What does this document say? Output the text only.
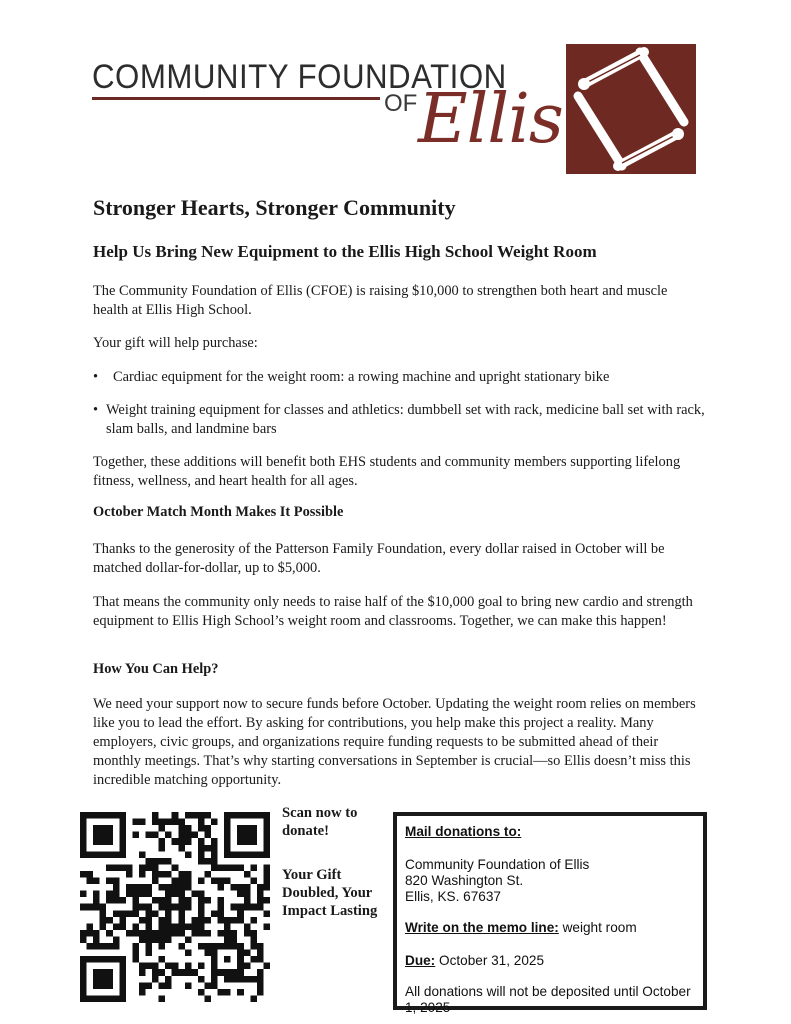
COMMUNITY FOUNDATION
OF Ellis
Stronger Hearts, Stronger Community
Help Us Bring New Equipment to the Ellis High School Weight Room

The Community Foundation of Ellis (CFOE) is raising $10,000 to strengthen both heart and muscle health at Ellis High School.

Your gift will help purchase:

• Cardiac equipment for the weight room: a rowing machine and upright stationary bike
• Weight training equipment for classes and athletics: dumbbell set with rack, medicine ball set with rack, slam balls, and landmine bars

Together, these additions will benefit both EHS students and community members supporting lifelong fitness, wellness, and heart health for all ages.

October Match Month Makes It Possible

Thanks to the generosity of the Patterson Family Foundation, every dollar raised in October will be matched dollar-for-dollar, up to $5,000.

That means the community only needs to raise half of the $10,000 goal to bring new cardio and strength equipment to Ellis High School’s weight room and classrooms. Together, we can make this happen!

How You Can Help?

We need your support now to secure funds before October. Updating the weight room relies on members like you to lead the effort. By asking for contributions, you help make this project a reality. Many employers, civic groups, and organizations require funding requests to be submitted ahead of their monthly meetings. That’s why starting conversations in September is crucial—so Ellis doesn’t miss this incredible matching opportunity.

Scan now to donate!
Your Gift Doubled, Your Impact Lasting
Mail donations to:
Community Foundation of Ellis
820 Washington St.
Ellis, KS. 67637
Write on the memo line: weight room
Due: October 31, 2025
All donations will not be deposited until October 1, 2025
